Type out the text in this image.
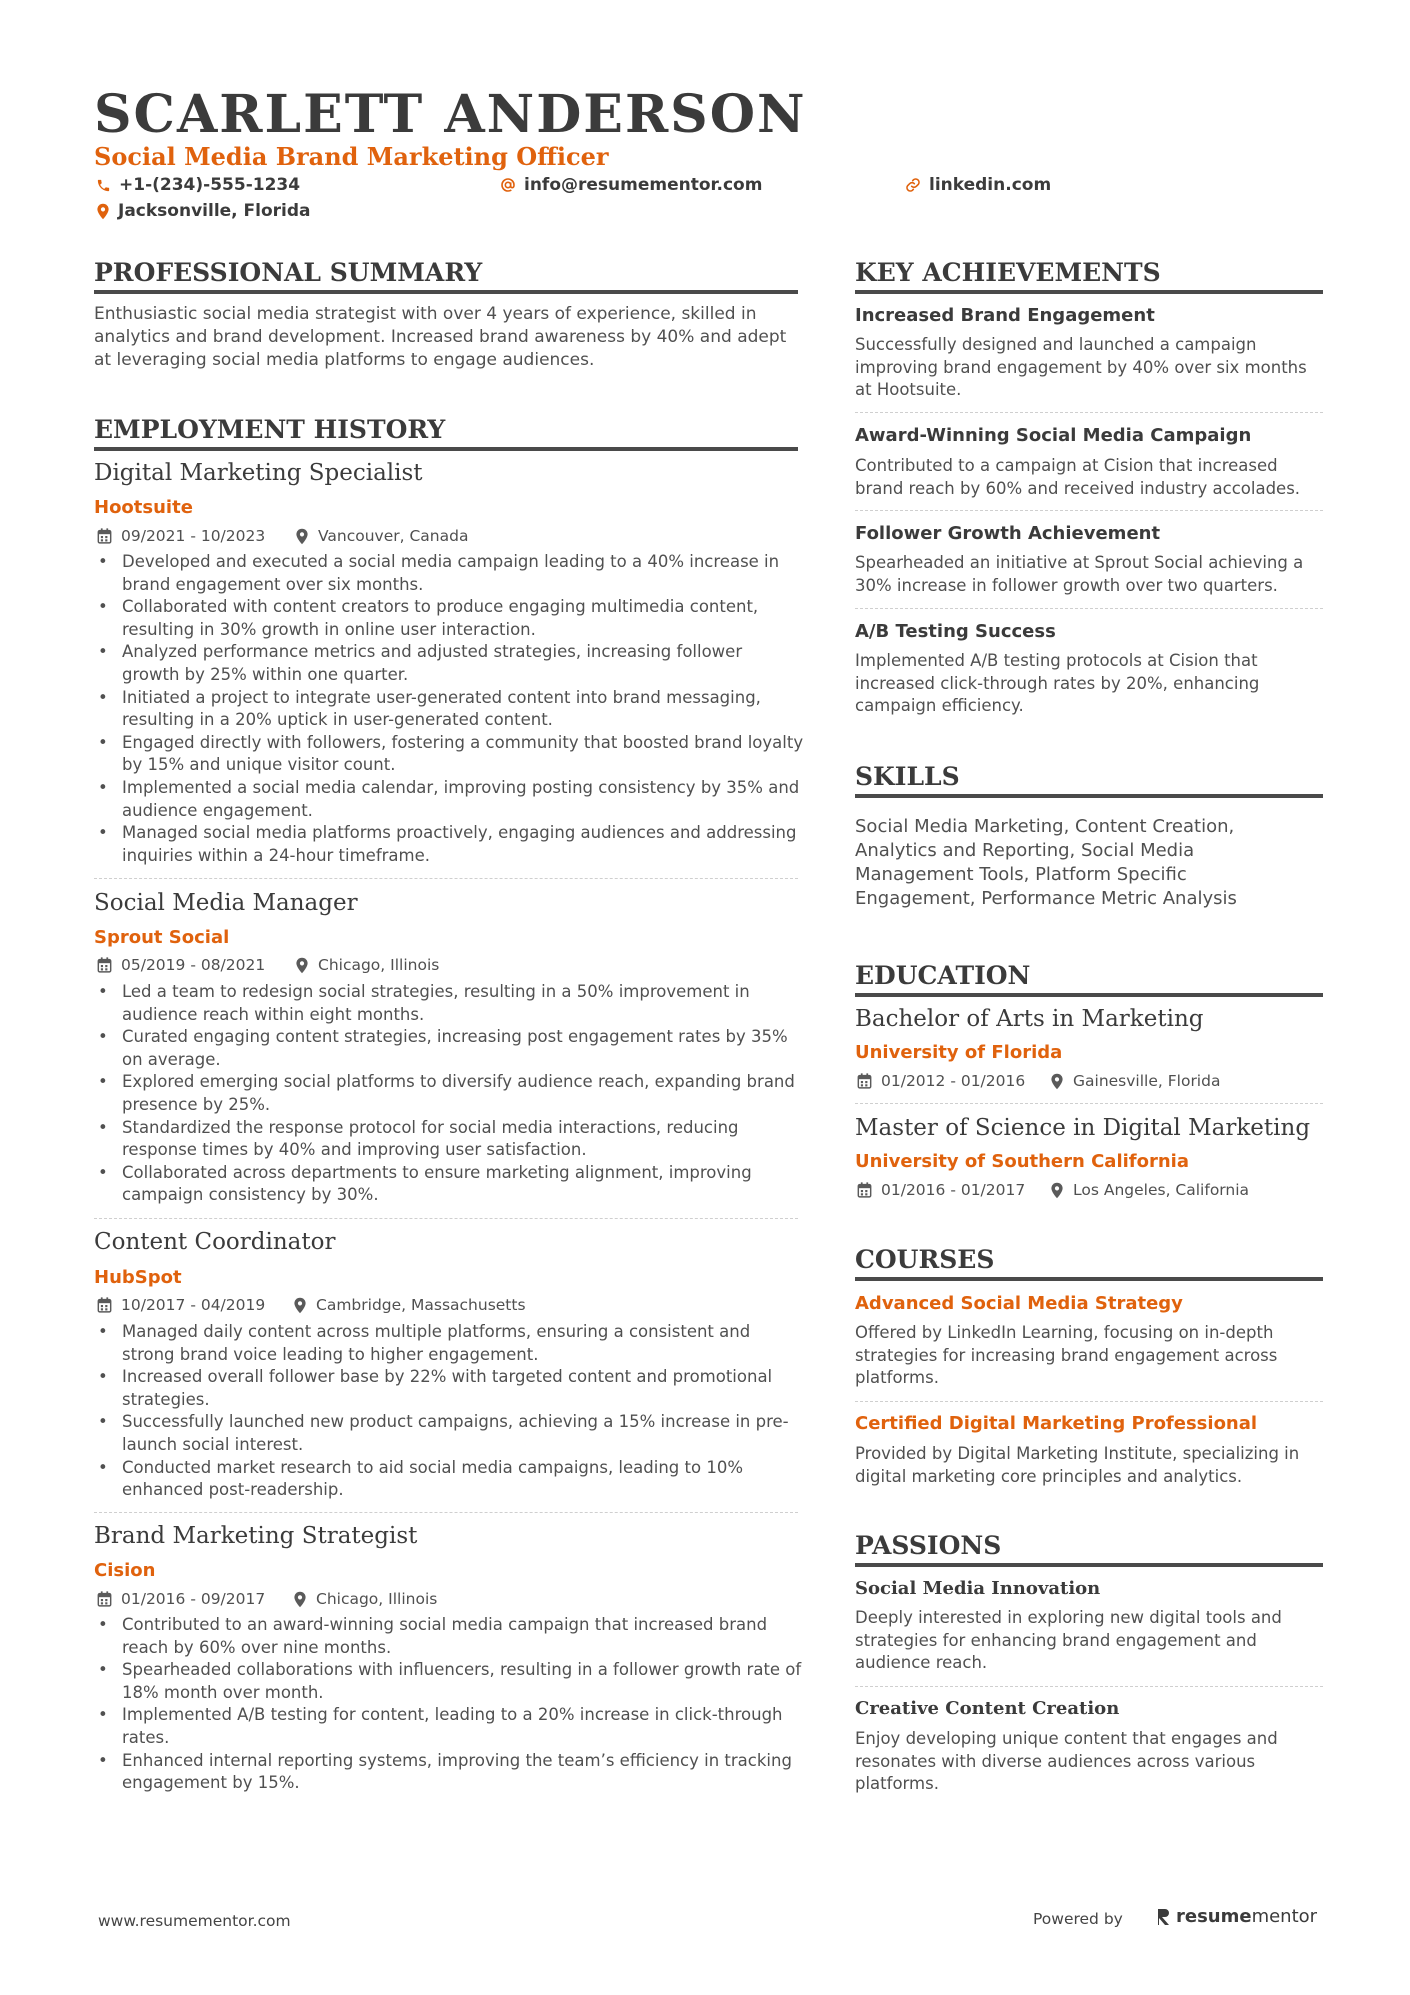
SCARLETT ANDERSON
Social Media Brand Marketing Officer
+1-(234)-555-1234	info@resumementor.com	linkedin.com
Jacksonville, Florida
PROFESSIONAL SUMMARY
Enthusiastic social media strategist with over 4 years of experience, skilled in analytics and brand development. Increased brand awareness by 40% and adept at leveraging social media platforms to engage audiences.
EMPLOYMENT HISTORY
Digital Marketing Specialist
Hootsuite
09/2021 - 10/2023	Vancouver, Canada
• Developed and executed a social media campaign leading to a 40% increase in brand engagement over six months.
• Collaborated with content creators to produce engaging multimedia content, resulting in 30% growth in online user interaction.
• Analyzed performance metrics and adjusted strategies, increasing follower growth by 25% within one quarter.
• Initiated a project to integrate user-generated content into brand messaging, resulting in a 20% uptick in user-generated content.
• Engaged directly with followers, fostering a community that boosted brand loyalty by 15% and unique visitor count.
• Implemented a social media calendar, improving posting consistency by 35% and audience engagement.
• Managed social media platforms proactively, engaging audiences and addressing inquiries within a 24-hour timeframe.
Social Media Manager
Sprout Social
05/2019 - 08/2021	Chicago, Illinois
• Led a team to redesign social strategies, resulting in a 50% improvement in audience reach within eight months.
• Curated engaging content strategies, increasing post engagement rates by 35% on average.
• Explored emerging social platforms to diversify audience reach, expanding brand presence by 25%.
• Standardized the response protocol for social media interactions, reducing response times by 40% and improving user satisfaction.
• Collaborated across departments to ensure marketing alignment, improving campaign consistency by 30%.
Content Coordinator
HubSpot
10/2017 - 04/2019	Cambridge, Massachusetts
• Managed daily content across multiple platforms, ensuring a consistent and strong brand voice leading to higher engagement.
• Increased overall follower base by 22% with targeted content and promotional strategies.
• Successfully launched new product campaigns, achieving a 15% increase in pre-launch social interest.
• Conducted market research to aid social media campaigns, leading to 10% enhanced post-readership.
Brand Marketing Strategist
Cision
01/2016 - 09/2017	Chicago, Illinois
• Contributed to an award-winning social media campaign that increased brand reach by 60% over nine months.
• Spearheaded collaborations with influencers, resulting in a follower growth rate of 18% month over month.
• Implemented A/B testing for content, leading to a 20% increase in click-through rates.
• Enhanced internal reporting systems, improving the team’s efficiency in tracking engagement by 15%.
KEY ACHIEVEMENTS
Increased Brand Engagement
Successfully designed and launched a campaign improving brand engagement by 40% over six months at Hootsuite.
Award-Winning Social Media Campaign
Contributed to a campaign at Cision that increased brand reach by 60% and received industry accolades.
Follower Growth Achievement
Spearheaded an initiative at Sprout Social achieving a 30% increase in follower growth over two quarters.
A/B Testing Success
Implemented A/B testing protocols at Cision that increased click-through rates by 20%, enhancing campaign efficiency.
SKILLS
Social Media Marketing, Content Creation, Analytics and Reporting, Social Media Management Tools, Platform Specific Engagement, Performance Metric Analysis
EDUCATION
Bachelor of Arts in Marketing
University of Florida
01/2012 - 01/2016	Gainesville, Florida
Master of Science in Digital Marketing
University of Southern California
01/2016 - 01/2017	Los Angeles, California
COURSES
Advanced Social Media Strategy
Offered by LinkedIn Learning, focusing on in-depth strategies for increasing brand engagement across platforms.
Certified Digital Marketing Professional
Provided by Digital Marketing Institute, specializing in digital marketing core principles and analytics.
PASSIONS
Social Media Innovation
Deeply interested in exploring new digital tools and strategies for enhancing brand engagement and audience reach.
Creative Content Creation
Enjoy developing unique content that engages and resonates with diverse audiences across various platforms.
www.resumementor.com	Powered by	resume mentor
